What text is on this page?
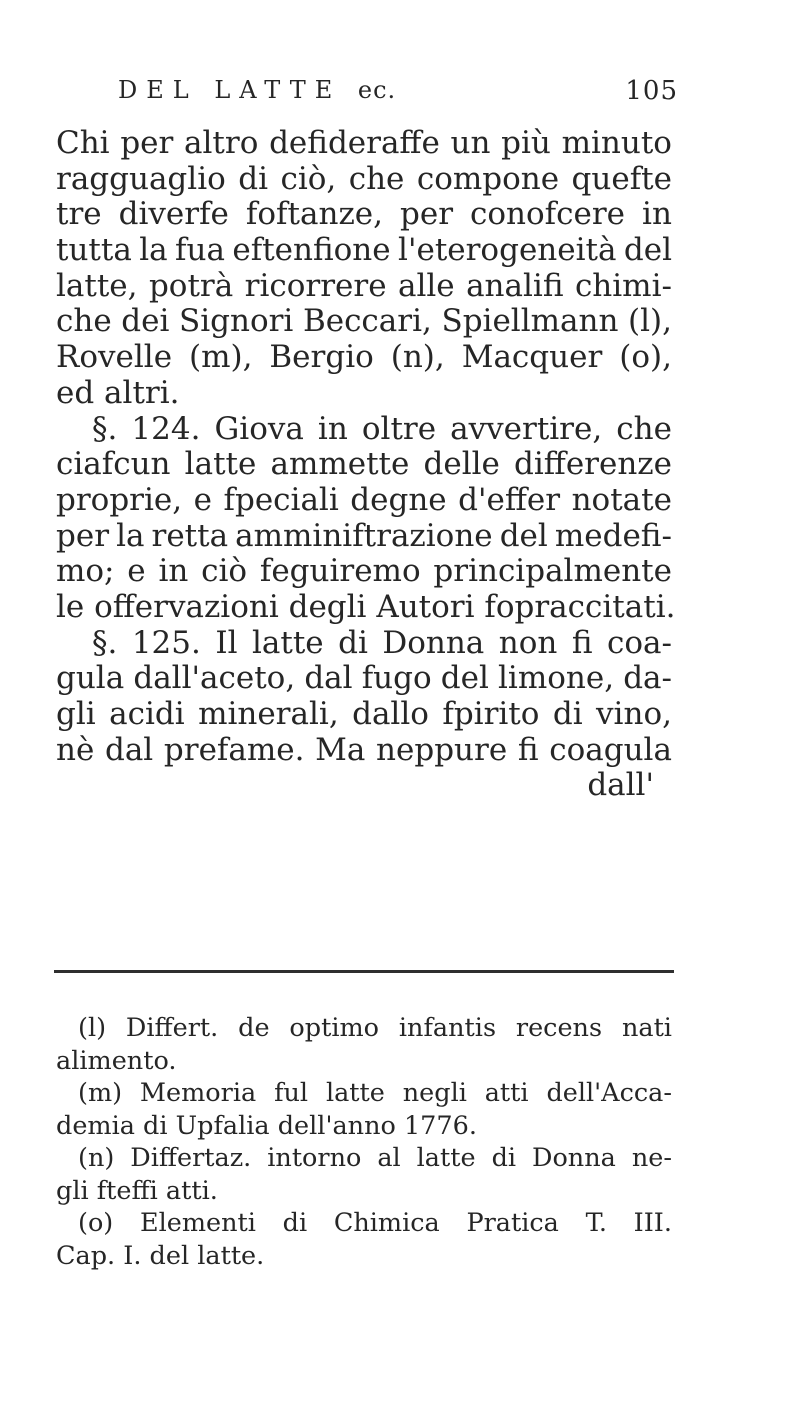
DEL LATTE ec.	105
Chi per altro defideraffe un più minuto
ragguaglio di ciò, che compone quefte
tre diverfe foftanze, per conofcere in
tutta la fua eftenfione l'eterogeneità del
latte, potrà ricorrere alle analifi chimi-
che dei Signori Beccari, Spiellmann (l),
Rovelle (m), Bergio (n), Macquer (o),
ed altri.
§. 124. Giova in oltre avvertire, che
ciafcun latte ammette delle differenze
proprie, e fpeciali degne d'effer notate
per la retta amminiftrazione del medefi-
mo; e in ciò feguiremo principalmente
le offervazioni degli Autori fopraccitati.
§. 125. Il latte di Donna non fi coa-
gula dall'aceto, dal fugo del limone, da-
gli acidi minerali, dallo fpirito di vino,
nè dal prefame. Ma neppure fi coagula
dall'
(l) Differt. de optimo infantis recens nati
alimento.
(m) Memoria ful latte negli atti dell'Acca-
demia di Upfalia dell'anno 1776.
(n) Differtaz. intorno al latte di Donna ne-
gli fteffi atti.
(o) Elementi di Chimica Pratica T. III.
Cap. I. del latte.
